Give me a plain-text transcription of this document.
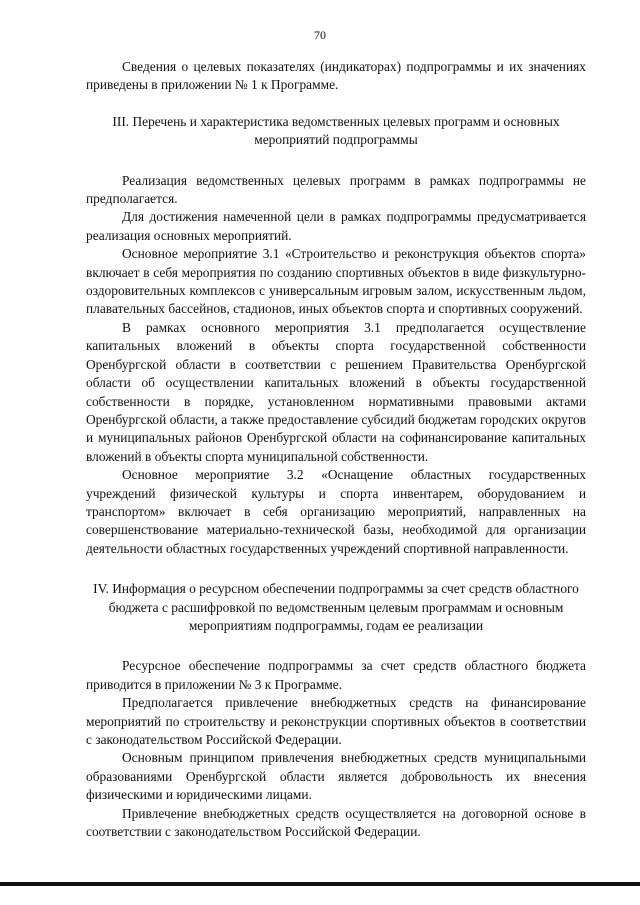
70

Сведения о целевых показателях (индикаторах) подпрограммы и их значениях приведены в приложении № 1 к Программе.

III. Перечень и характеристика ведомственных целевых программ и основных мероприятий подпрограммы

Реализация ведомственных целевых программ в рамках подпрограммы не предполагается.

Для достижения намеченной цели в рамках подпрограммы предусматривается реализация основных мероприятий.

Основное мероприятие 3.1 «Строительство и реконструкция объектов спорта» включает в себя мероприятия по созданию спортивных объектов в виде физкультурно-оздоровительных комплексов с универсальным игровым залом, искусственным льдом, плавательных бассейнов, стадионов, иных объектов спорта и спортивных сооружений.

В рамках основного мероприятия 3.1 предполагается осуществление капитальных вложений в объекты спорта государственной собственности Оренбургской области в соответствии с решением Правительства Оренбургской области об осуществлении капитальных вложений в объекты государственной собственности в порядке, установленном нормативными правовыми актами Оренбургской области, а также предоставление субсидий бюджетам городских округов и муниципальных районов Оренбургской области на софинансирование капитальных вложений в объекты спорта муниципальной собственности.

Основное мероприятие 3.2 «Оснащение областных государственных учреждений физической культуры и спорта инвентарем, оборудованием и транспортом» включает в себя организацию мероприятий, направленных на совершенствование материально-технической базы, необходимой для организации деятельности областных государственных учреждений спортивной направленности.

IV. Информация о ресурсном обеспечении подпрограммы за счет средств областного бюджета с расшифровкой по ведомственным целевым программам и основным мероприятиям подпрограммы, годам ее реализации

Ресурсное обеспечение подпрограммы за счет средств областного бюджета приводится в приложении № 3 к Программе.

Предполагается привлечение внебюджетных средств на финансирование мероприятий по строительству и реконструкции спортивных объектов в соответствии с законодательством Российской Федерации.

Основным принципом привлечения внебюджетных средств муниципальными образованиями Оренбургской области является добровольность их внесения физическими и юридическими лицами.

Привлечение внебюджетных средств осуществляется на договорной основе в соответствии с законодательством Российской Федерации.
